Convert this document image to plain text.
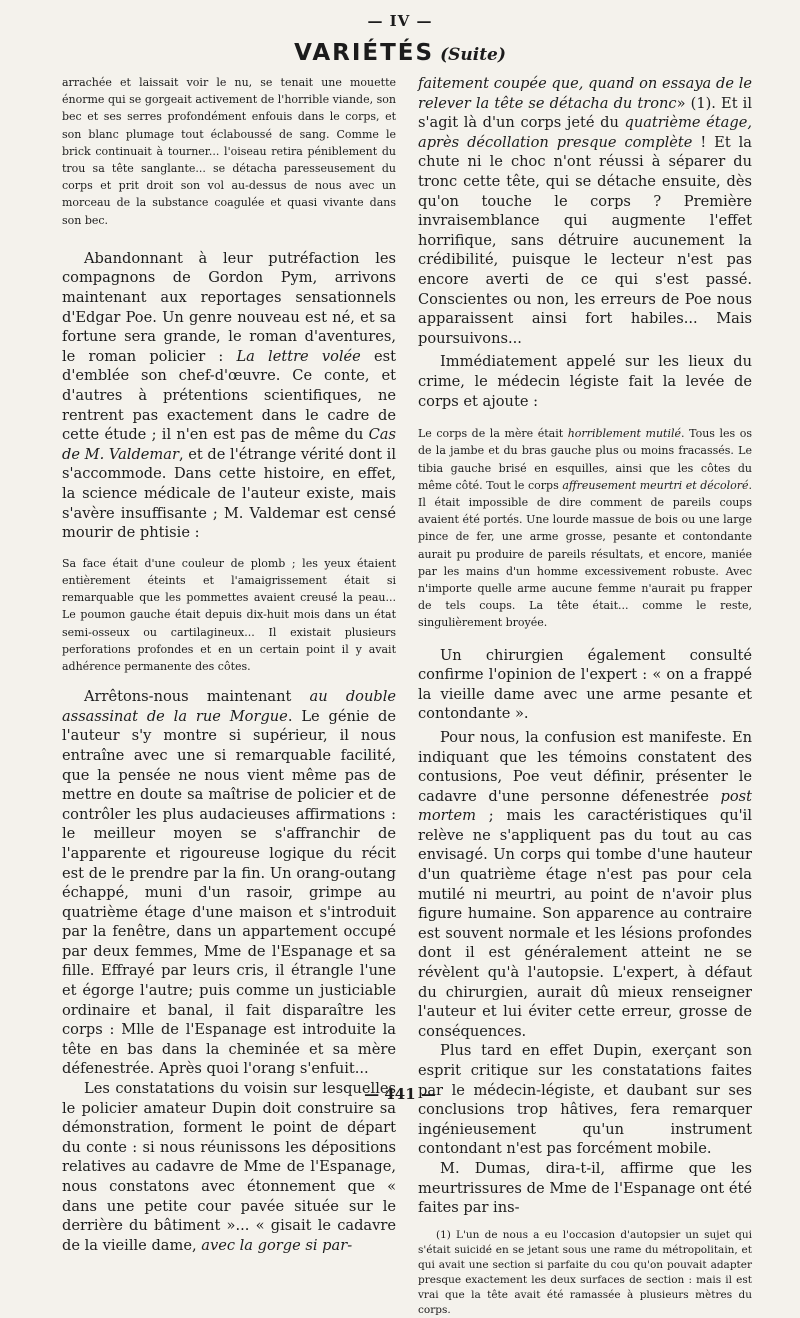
— IV —
VARIÉTÉS (Suite)

arrachée et laissait voir le nu, se tenait une mouette énorme qui se gorgeait activement de l'horrible viande, son bec et ses serres profondément enfouis dans le corps, et son blanc plumage tout éclaboussé de sang. Comme le brick continuait à tourner... l'oiseau retira péniblement du trou sa tête sanglante... se détacha paresseusement du corps et prit droit son vol au-dessus de nous avec un morceau de la substance coagulée et quasi vivante dans son bec.

Abandonnant à leur putréfaction les compagnons de Gordon Pym, arrivons maintenant aux reportages sensationnels d'Edgar Poe. Un genre nouveau est né, et sa fortune sera grande, le roman d'aventures, le roman policier : La lettre volée est d'emblée son chef-d'œuvre. Ce conte, et d'autres à prétentions scientifiques, ne rentrent pas exactement dans le cadre de cette étude ; il n'en est pas de même du Cas de M. Valdemar, et de l'étrange vérité dont il s'accommode. Dans cette histoire, en effet, la science médicale de l'auteur existe, mais s'avère insuffisante ; M. Valdemar est censé mourir de phtisie :

Sa face était d'une couleur de plomb ; les yeux étaient entièrement éteints et l'amaigrissement était si remarquable que les pommettes avaient creusé la peau... Le poumon gauche était depuis dix-huit mois dans un état semi-osseux ou cartilagineux... Il existait plusieurs perforations profondes et en un certain point il y avait adhérence permanente des côtes.

Arrêtons-nous maintenant au double assassinat de la rue Morgue. Le génie de l'auteur s'y montre si supérieur, il nous entraîne avec une si remarquable facilité, que la pensée ne nous vient même pas de mettre en doute sa maîtrise de policier et de contrôler les plus audacieuses affirmations : le meilleur moyen se s'affranchir de l'apparente et rigoureuse logique du récit est de le prendre par la fin. Un orang-outang échappé, muni d'un rasoir, grimpe au quatrième étage d'une maison et s'introduit par la fenêtre, dans un appartement occupé par deux femmes, Mme de l'Espanage et sa fille. Effrayé par leurs cris, il étrangle l'une et égorge l'autre; puis comme un justiciable ordinaire et banal, il fait disparaître les corps : Mlle de l'Espanage est introduite la tête en bas dans la cheminée et sa mère défenestrée. Après quoi l'orang s'enfuit...

Les constatations du voisin sur lesquelles le policier amateur Dupin doit construire sa démonstration, forment le point de départ du conte : si nous réunissons les dépositions relatives au cadavre de Mme de l'Espanage, nous constatons avec étonnement que « dans une petite cour pavée située sur le derrière du bâtiment »... « gisait le cadavre de la vieille dame, avec la gorge si par-

faitement coupée que, quand on essaya de le relever la tête se détacha du tronc» (1). Et il s'agit là d'un corps jeté du quatrième étage, après décollation presque complète ! Et la chute ni le choc n'ont réussi à séparer du tronc cette tête, qui se détache ensuite, dès qu'on touche le corps ? Première invraisemblance qui augmente l'effet horrifique, sans détruire aucunement la crédibilité, puisque le lecteur n'est pas encore averti de ce qui s'est passé. Conscientes ou non, les erreurs de Poe nous apparaissent ainsi fort habiles... Mais poursuivons...

Immédiatement appelé sur les lieux du crime, le médecin légiste fait la levée de corps et ajoute :

Le corps de la mère était horriblement mutilé. Tous les os de la jambe et du bras gauche plus ou moins fracassés. Le tibia gauche brisé en esquilles, ainsi que les côtes du même côté. Tout le corps affreusement meurtri et décoloré. Il était impossible de dire comment de pareils coups avaient été portés. Une lourde massue de bois ou une large pince de fer, une arme grosse, pesante et contondante aurait pu produire de pareils résultats, et encore, maniée par les mains d'un homme excessivement robuste. Avec n'importe quelle arme aucune femme n'aurait pu frapper de tels coups. La tête était... comme le reste, singulièrement broyée.

Un chirurgien également consulté confirme l'opinion de l'expert : « on a frappé la vieille dame avec une arme pesante et contondante ».

Pour nous, la confusion est manifeste. En indiquant que les témoins constatent des contusions, Poe veut définir, présenter le cadavre d'une personne défenestrée post mortem ; mais les caractéristiques qu'il relève ne s'appliquent pas du tout au cas envisagé. Un corps qui tombe d'une hauteur d'un quatrième étage n'est pas pour cela mutilé ni meurtri, au point de n'avoir plus figure humaine. Son apparence au contraire est souvent normale et les lésions profondes dont il est généralement atteint ne se révèlent qu'à l'autopsie. L'expert, à défaut du chirurgien, aurait dû mieux renseigner l'auteur et lui éviter cette erreur, grosse de conséquences.

Plus tard en effet Dupin, exerçant son esprit critique sur les constatations faites par le médecin-légiste, et daubant sur ses conclusions trop hâtives, fera remarquer ingénieusement qu'un instrument contondant n'est pas forcément mobile.

M. Dumas, dira-t-il, affirme que les meurtrissures de Mme de l'Espanage ont été faites par ins-

(1) L'un de nous a eu l'occasion d'autopsier un sujet qui s'était suicidé en se jetant sous une rame du métropolitain, et qui avait une section si parfaite du cou qu'on pouvait adapter presque exactement les deux surfaces de section : mais il est vrai que la tête avait été ramassée à plusieurs mètres du corps.

— 441 —
